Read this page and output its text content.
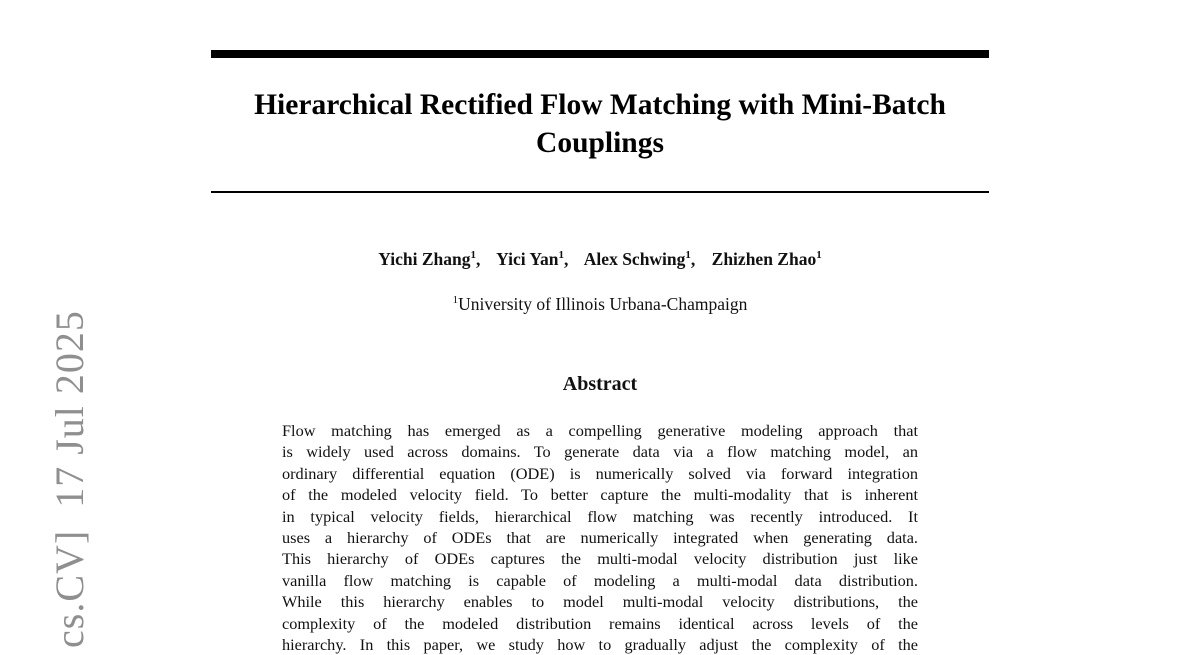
cs.CV]17 Jul 2025
Hierarchical Rectified Flow Matching with Mini-Batch
Couplings
Yichi Zhang$^1$, Yici Yan$^1$, Alex Schwing$^1$, Zhizhen Zhao$^1$
$^1$University of Illinois Urbana-Champaign
Abstract
Flow matching has emerged as a compelling generative modeling approach that
is widely used across domains. To generate data via a flow matching model, an
ordinary differential equation (ODE) is numerically solved via forward integration
of the modeled velocity field. To better capture the multi-modality that is inherent
in typical velocity fields, hierarchical flow matching was recently introduced. It
uses a hierarchy of ODEs that are numerically integrated when generating data.
This hierarchy of ODEs captures the multi-modal velocity distribution just like
vanilla flow matching is capable of modeling a multi-modal data distribution.
While this hierarchy enables to model multi-modal velocity distributions, the
complexity of the modeled distribution remains identical across levels of the
hierarchy. In this paper, we study how to gradually adjust the complexity of the
